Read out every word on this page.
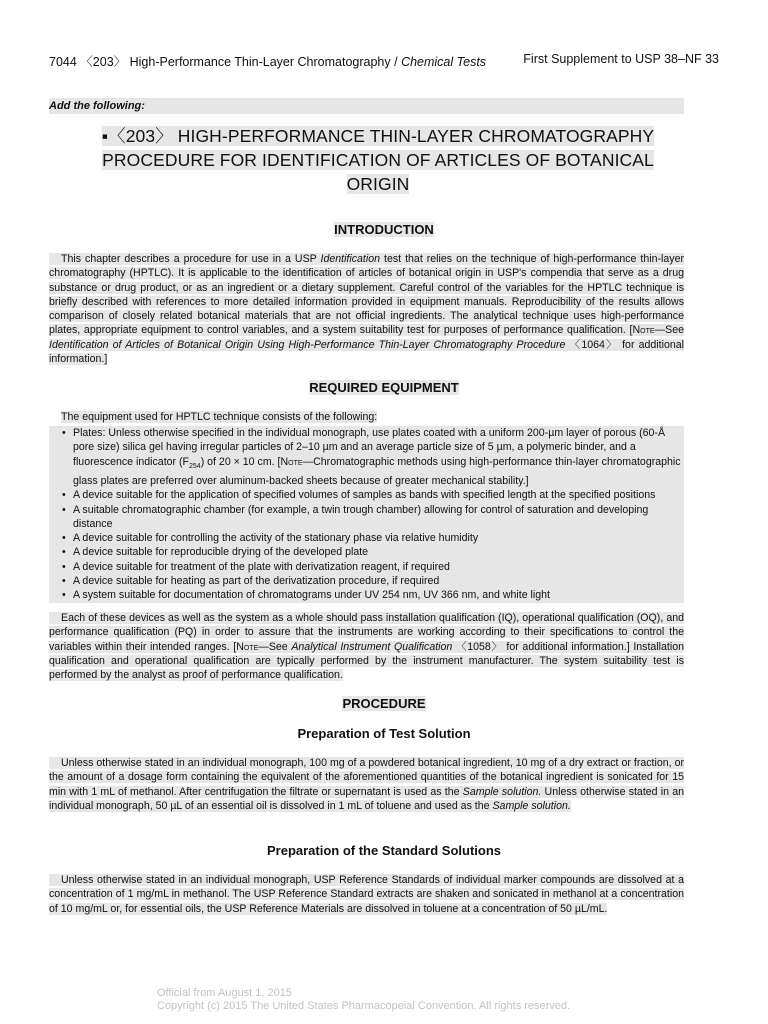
7044 〈203〉 High-Performance Thin-Layer Chromatography / Chemical Tests	First Supplement to USP 38–NF 33
Add the following:
▪〈203〉 HIGH-PERFORMANCE THIN-LAYER CHROMATOGRAPHY
PROCEDURE FOR IDENTIFICATION OF ARTICLES OF BOTANICAL
ORIGIN
INTRODUCTION
This chapter describes a procedure for use in a USP Identification test that relies on the technique of high-performance thin-layer chromatography (HPTLC). It is applicable to the identification of articles of botanical origin in USP's compendia that serve as a drug substance or drug product, or as an ingredient or a dietary supplement. Careful control of the variables for the HPTLC technique is briefly described with references to more detailed information provided in equipment manuals. Reproducibility of the results allows comparison of closely related botanical materials that are not official ingredients. The analytical technique uses high-performance plates, appropriate equipment to control variables, and a system suitability test for purposes of performance qualification. [Note—See Identification of Articles of Botanical Origin Using High-Performance Thin-Layer Chromatography Procedure 〈1064〉 for additional information.]
REQUIRED EQUIPMENT
The equipment used for HPTLC technique consists of the following:
• Plates: Unless otherwise specified in the individual monograph, use plates coated with a uniform 200-µm layer of porous (60-Å pore size) silica gel having irregular particles of 2–10 µm and an average particle size of 5 µm, a polymeric binder, and a fluorescence indicator $(F_{254})$ of 20 × 10 cm. [Note—Chromatographic methods using high-performance thin-layer chromatographic glass plates are preferred over aluminum-backed sheets because of greater mechanical stability.]
• A device suitable for the application of specified volumes of samples as bands with specified length at the specified positions
• A suitable chromatographic chamber (for example, a twin trough chamber) allowing for control of saturation and developing distance
• A device suitable for controlling the activity of the stationary phase via relative humidity
• A device suitable for reproducible drying of the developed plate
• A device suitable for treatment of the plate with derivatization reagent, if required
• A device suitable for heating as part of the derivatization procedure, if required
• A system suitable for documentation of chromatograms under UV 254 nm, UV 366 nm, and white light
Each of these devices as well as the system as a whole should pass installation qualification (IQ), operational qualification (OQ), and performance qualification (PQ) in order to assure that the instruments are working according to their specifications to control the variables within their intended ranges. [Note—See Analytical Instrument Qualification 〈1058〉 for additional information.] Installation qualification and operational qualification are typically performed by the instrument manufacturer. The system suitability test is performed by the analyst as proof of performance qualification.
PROCEDURE
Preparation of Test Solution
Unless otherwise stated in an individual monograph, 100 mg of a powdered botanical ingredient, 10 mg of a dry extract or fraction, or the amount of a dosage form containing the equivalent of the aforementioned quantities of the botanical ingredient is sonicated for 15 min with 1 mL of methanol. After centrifugation the filtrate or supernatant is used as the Sample solution. Unless otherwise stated in an individual monograph, 50 µL of an essential oil is dissolved in 1 mL of toluene and used as the Sample solution.
Preparation of the Standard Solutions
Unless otherwise stated in an individual monograph, USP Reference Standards of individual marker compounds are dissolved at a concentration of 1 mg/mL in methanol. The USP Reference Standard extracts are shaken and sonicated in methanol at a concentration of 10 mg/mL or, for essential oils, the USP Reference Materials are dissolved in toluene at a concentration of 50 µL/mL.
Official from August 1, 2015
Copyright (c) 2015 The United States Pharmacopeial Convention. All rights reserved.
